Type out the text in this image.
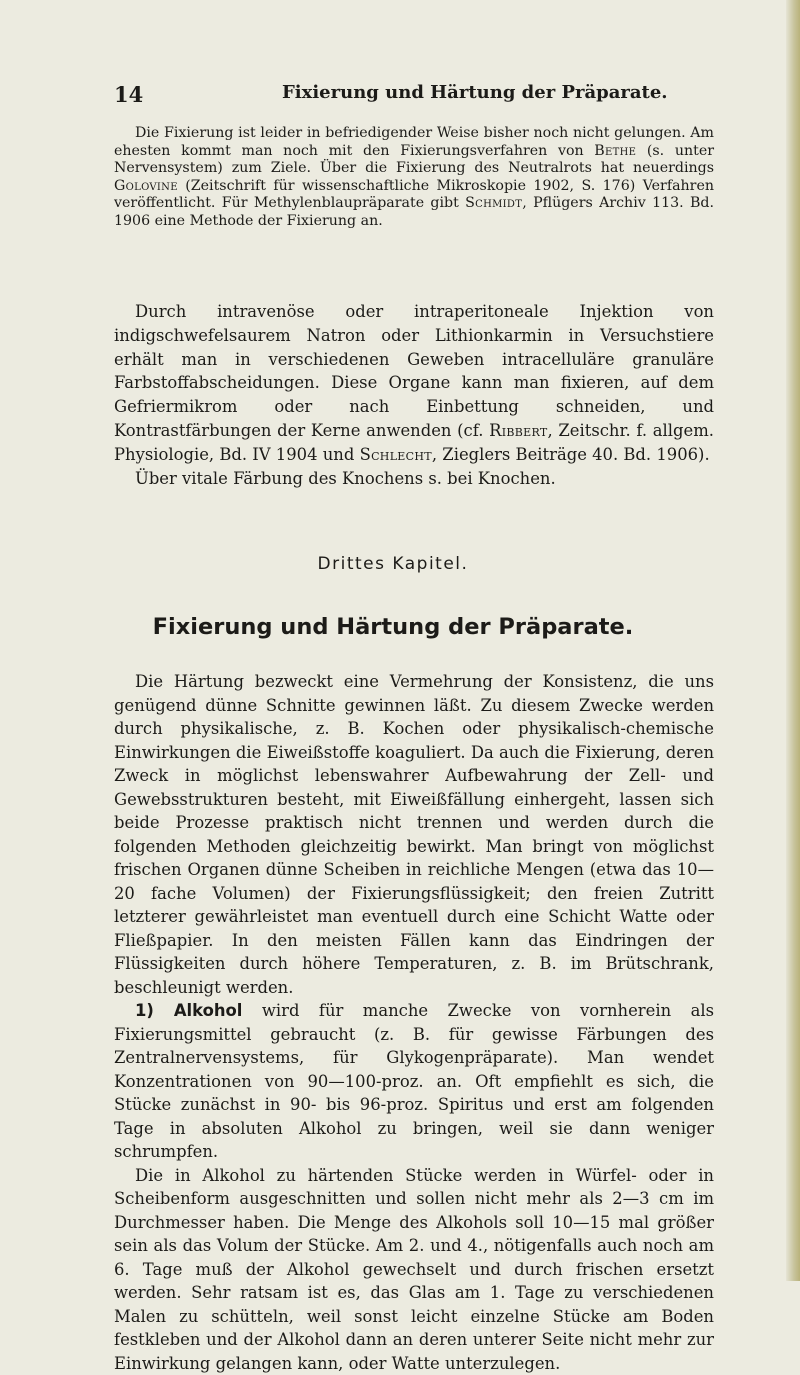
14	Fixierung und Härtung der Präparate.

Die Fixierung ist leider in befriedigender Weise bisher noch nicht gelungen. Am ehesten kommt man noch mit den Fixierungsverfahren von Bethe (s. unter Nervensystem) zum Ziele. Über die Fixierung des Neutralrots hat neuerdings Golovine (Zeitschrift für wissenschaftliche Mikroskopie 1902, S. 176) Verfahren veröffentlicht. Für Methylenblaupräparate gibt Schmidt, Pflügers Archiv 113. Bd. 1906 eine Methode der Fixierung an.

Durch intravenöse oder intraperitoneale Injektion von indigschwefelsaurem Natron oder Lithionkarmin in Versuchstiere erhält man in verschiedenen Geweben intracelluläre granuläre Farbstoffabscheidungen. Diese Organe kann man fixieren, auf dem Gefriermikrom oder nach Einbettung schneiden, und Kontrastfärbungen der Kerne anwenden (cf. Ribbert, Zeitschr. f. allgem. Physiologie, Bd. IV 1904 und Schlecht, Zieglers Beiträge 40. Bd. 1906).

Über vitale Färbung des Knochens s. bei Knochen.

Drittes Kapitel.
Fixierung und Härtung der Präparate.

Die Härtung bezweckt eine Vermehrung der Konsistenz, die uns genügend dünne Schnitte gewinnen läßt. Zu diesem Zwecke werden durch physikalische, z. B. Kochen oder physikalisch-chemische Einwirkungen die Eiweißstoffe koaguliert. Da auch die Fixierung, deren Zweck in möglichst lebenswahrer Aufbewahrung der Zell- und Gewebsstrukturen besteht, mit Eiweißfällung einhergeht, lassen sich beide Prozesse praktisch nicht trennen und werden durch die folgenden Methoden gleichzeitig bewirkt. Man bringt von möglichst frischen Organen dünne Scheiben in reichliche Mengen (etwa das 10—20 fache Volumen) der Fixierungsflüssigkeit; den freien Zutritt letzterer gewährleistet man eventuell durch eine Schicht Watte oder Fließpapier. In den meisten Fällen kann das Eindringen der Flüssigkeiten durch höhere Temperaturen, z. B. im Brütschrank, beschleunigt werden.

1) Alkohol wird für manche Zwecke von vornherein als Fixierungsmittel gebraucht (z. B. für gewisse Färbungen des Zentralnervensystems, für Glykogenpräparate). Man wendet Konzentrationen von 90—100-proz. an. Oft empfiehlt es sich, die Stücke zunächst in 90- bis 96-proz. Spiritus und erst am folgenden Tage in absoluten Alkohol zu bringen, weil sie dann weniger schrumpfen.

Die in Alkohol zu härtenden Stücke werden in Würfel- oder in Scheibenform ausgeschnitten und sollen nicht mehr als 2—3 cm im Durchmesser haben. Die Menge des Alkohols soll 10—15 mal größer sein als das Volum der Stücke. Am 2. und 4., nötigenfalls auch noch am 6. Tage muß der Alkohol gewechselt und durch frischen ersetzt werden. Sehr ratsam ist es, das Glas am 1. Tage zu verschiedenen Malen zu schütteln, weil sonst leicht einzelne Stücke am Boden festkleben und der Alkohol dann an deren unterer Seite nicht mehr zur Einwirkung gelangen kann, oder Watte unterzulegen.
